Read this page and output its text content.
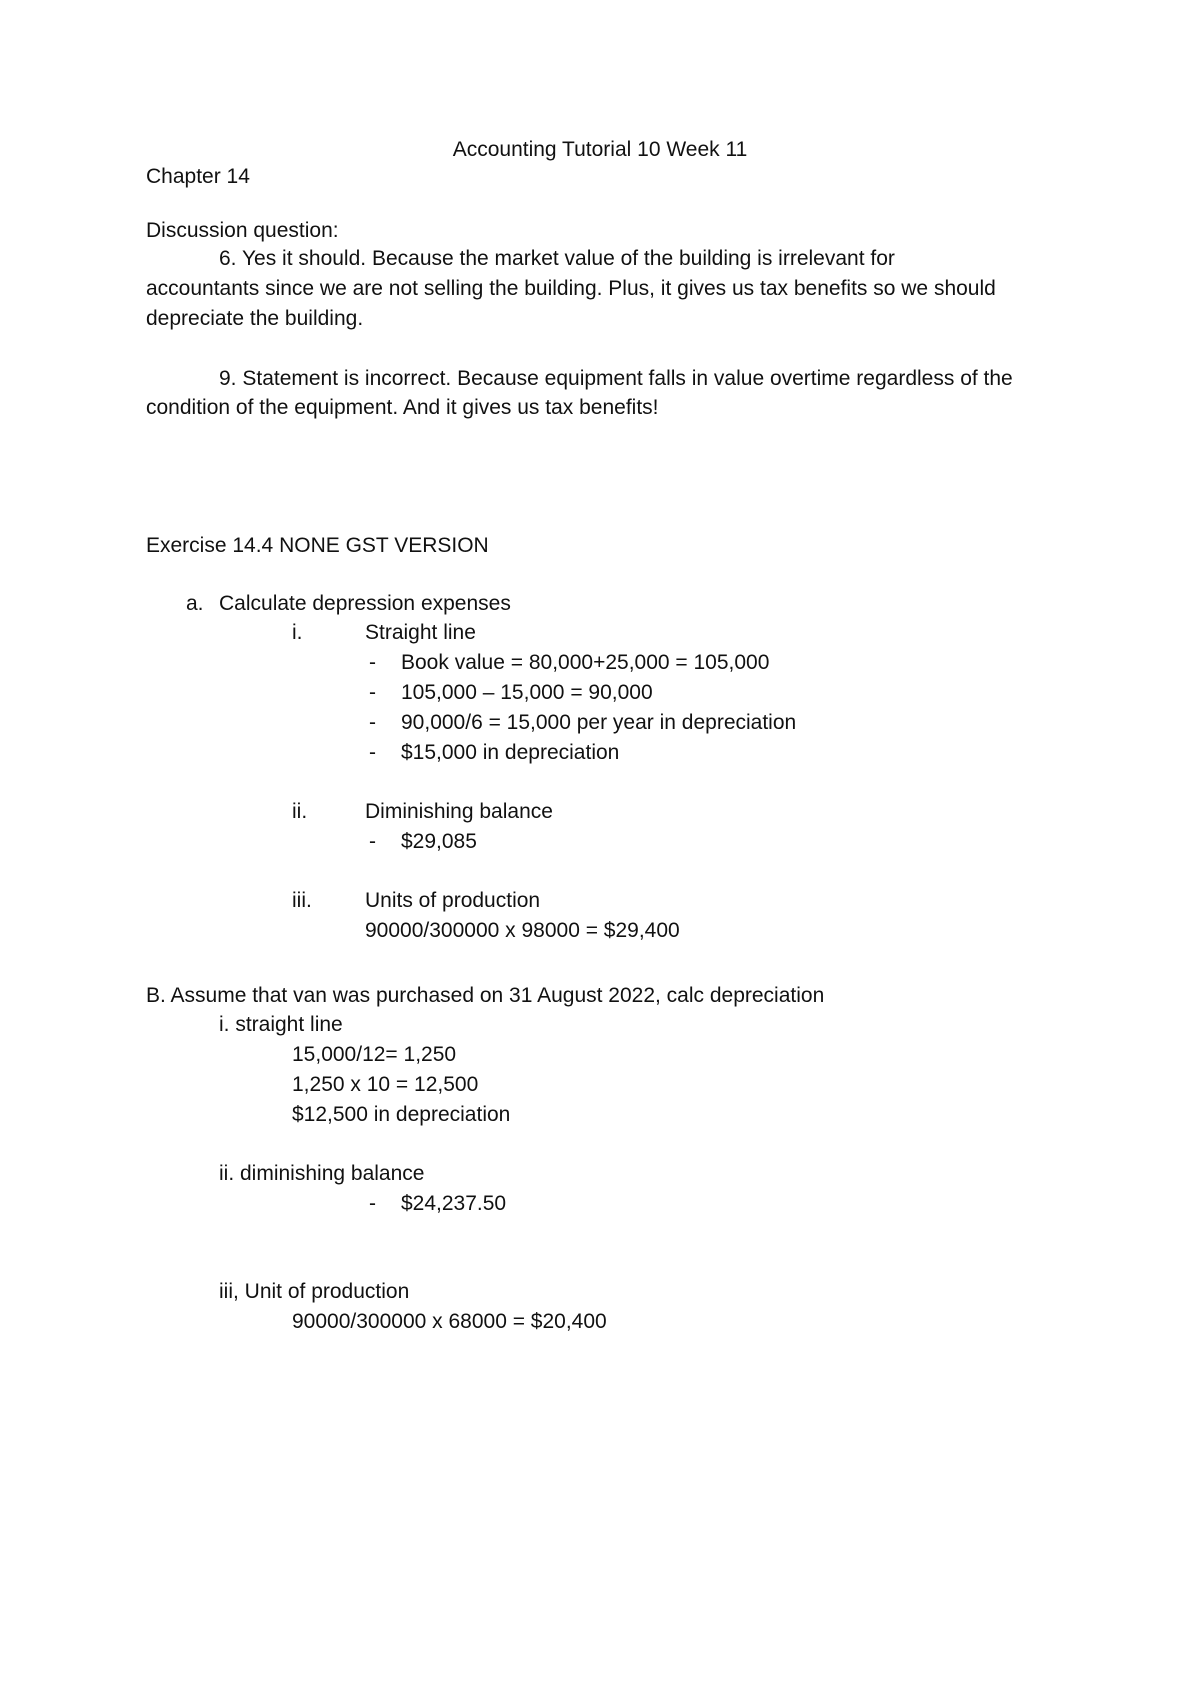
Accounting Tutorial 10 Week 11
Chapter 14
Discussion question:
6. Yes it should. Because the market value of the building is irrelevant for
accountants since we are not selling the building. Plus, it gives us tax benefits so we should
depreciate the building.
9. Statement is incorrect. Because equipment falls in value overtime regardless of the
condition of the equipment. And it gives us tax benefits!
Exercise 14.4 NONE GST VERSION
a. Calculate depression expenses
i.	Straight line
- Book value = 80,000+25,000 = 105,000
- 105,000 – 15,000 = 90,000
- 90,000/6 = 15,000 per year in depreciation
- $15,000 in depreciation
ii.	Diminishing balance
- $29,085
iii.	Units of production
90000/300000 x 98000 = $29,400
B. Assume that van was purchased on 31 August 2022, calc depreciation
i. straight line
15,000/12= 1,250
1,250 x 10 = 12,500
$12,500 in depreciation
ii. diminishing balance
- $24,237.50
iii, Unit of production
90000/300000 x 68000 = $20,400
